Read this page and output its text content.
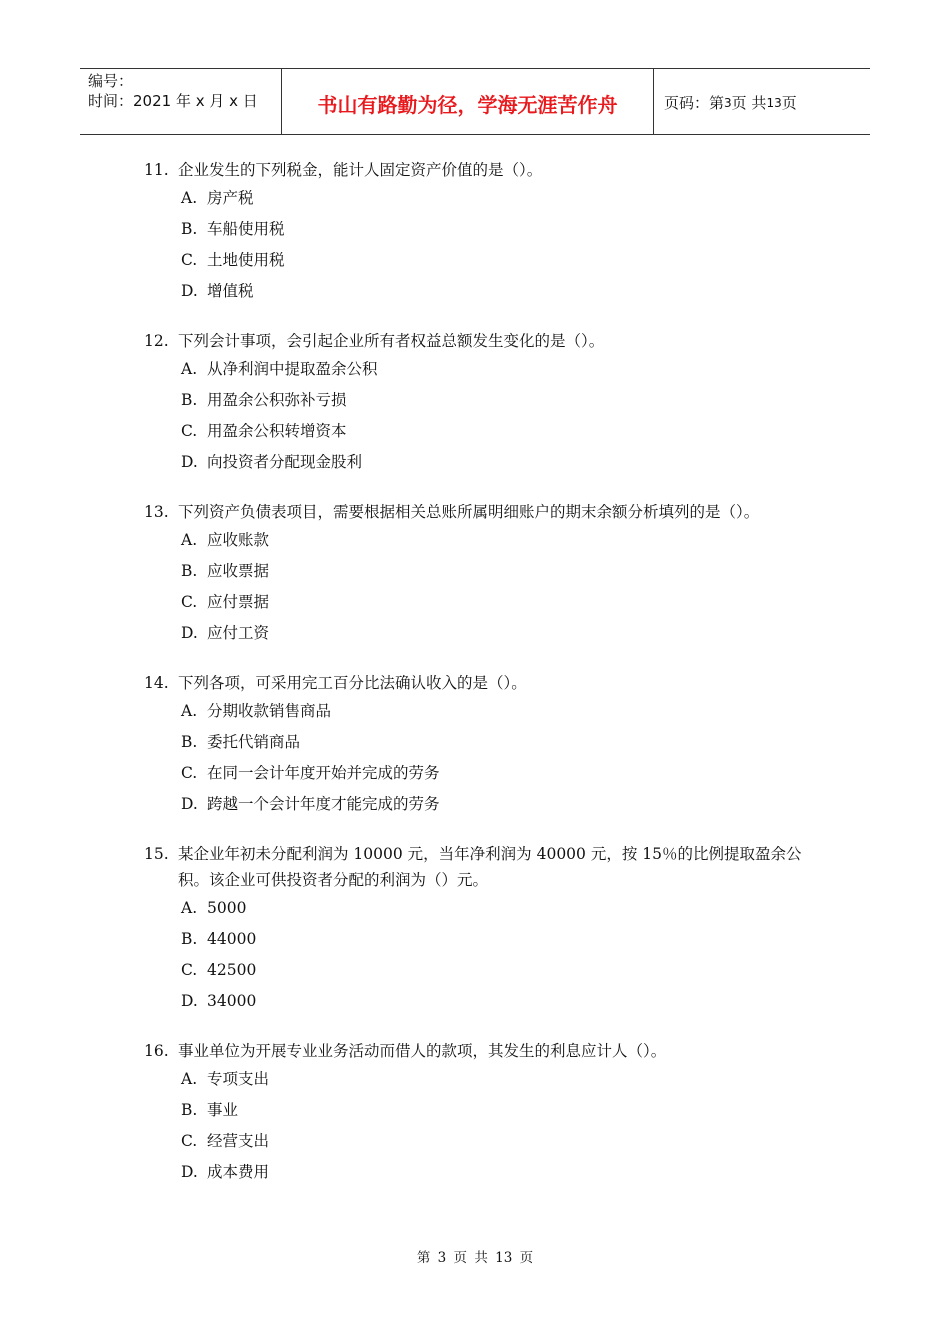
编号：
时间：2021 年 x 月 x 日	书山有路勤为径，学海无涯苦作舟	页码：第 3 页 共 13 页
11. 企业发生的下列税金，能计人固定资产价值的是（）。
A. 房产税
B. 车船使用税
C. 土地使用税
D. 增值税
12. 下列会计事项，会引起企业所有者权益总额发生变化的是（）。
A. 从净利润中提取盈余公积
B. 用盈余公积弥补亏损
C. 用盈余公积转增资本
D. 向投资者分配现金股利
13. 下列资产负债表项目，需要根据相关总账所属明细账户的期末余额分析填列的是（）。
A. 应收账款
B. 应收票据
C. 应付票据
D. 应付工资
14. 下列各项，可采用完工百分比法确认收入的是（）。
A. 分期收款销售商品
B. 委托代销商品
C. 在同一会计年度开始并完成的劳务
D. 跨越一个会计年度才能完成的劳务
15. 某企业年初未分配利润为 10000 元，当年净利润为 40000 元，按 15％的比例提取盈余公积。该企业可供投资者分配的利润为（）元。
A. 5000
B. 44000
C. 42500
D. 34000
16. 事业单位为开展专业业务活动而借人的款项，其发生的利息应计人（）。
A. 专项支出
B. 事业
C. 经营支出
D. 成本费用
第 3 页 共 13 页
